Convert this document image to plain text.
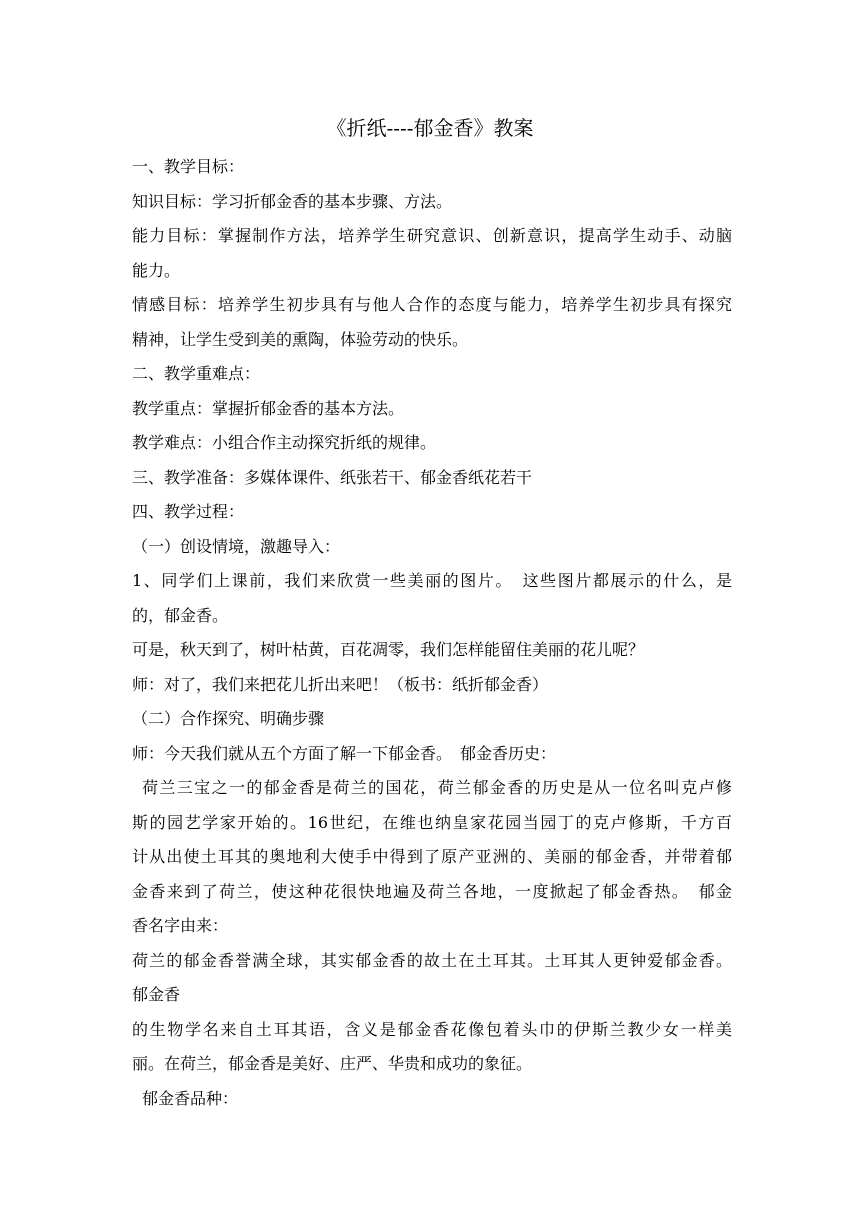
《折纸----郁金香》教案
一、教学目标：
知识目标：学习折郁金香的基本步骤、方法。
能力目标：掌握制作方法，培养学生研究意识、创新意识，提高学生动手、动脑
能力。
情感目标：培养学生初步具有与他人合作的态度与能力，培养学生初步具有探究
精神，让学生受到美的熏陶，体验劳动的快乐。
二、教学重难点：
教学重点：掌握折郁金香的基本方法。
教学难点：小组合作主动探究折纸的规律。
三、教学准备：多媒体课件、纸张若干、郁金香纸花若干
四、教学过程：
（一）创设情境，激趣导入：
1、同学们上课前，我们来欣赏一些美丽的图片。　这些图片都展示的什么，是
的，郁金香。
可是，秋天到了，树叶枯黄，百花凋零，我们怎样能留住美丽的花儿呢？
师：对了，我们来把花儿折出来吧！（板书：纸折郁金香）
（二）合作探究、明确步骤
师：今天我们就从五个方面了解一下郁金香。　郁金香历史：
荷兰三宝之一的郁金香是荷兰的国花，荷兰郁金香的历史是从一位名叫克卢修
斯的园艺学家开始的。16世纪，在维也纳皇家花园当园丁的克卢修斯，千方百
计从出使土耳其的奥地利大使手中得到了原产亚洲的、美丽的郁金香，并带着郁
金香来到了荷兰，使这种花很快地遍及荷兰各地，一度掀起了郁金香热。　郁金
香名字由来：
荷兰的郁金香誉满全球，其实郁金香的故土在土耳其。土耳其人更钟爱郁金香。
郁金香
的生物学名来自土耳其语，含义是郁金香花像包着头巾的伊斯兰教少女一样美
丽。在荷兰，郁金香是美好、庄严、华贵和成功的象征。
郁金香品种：
